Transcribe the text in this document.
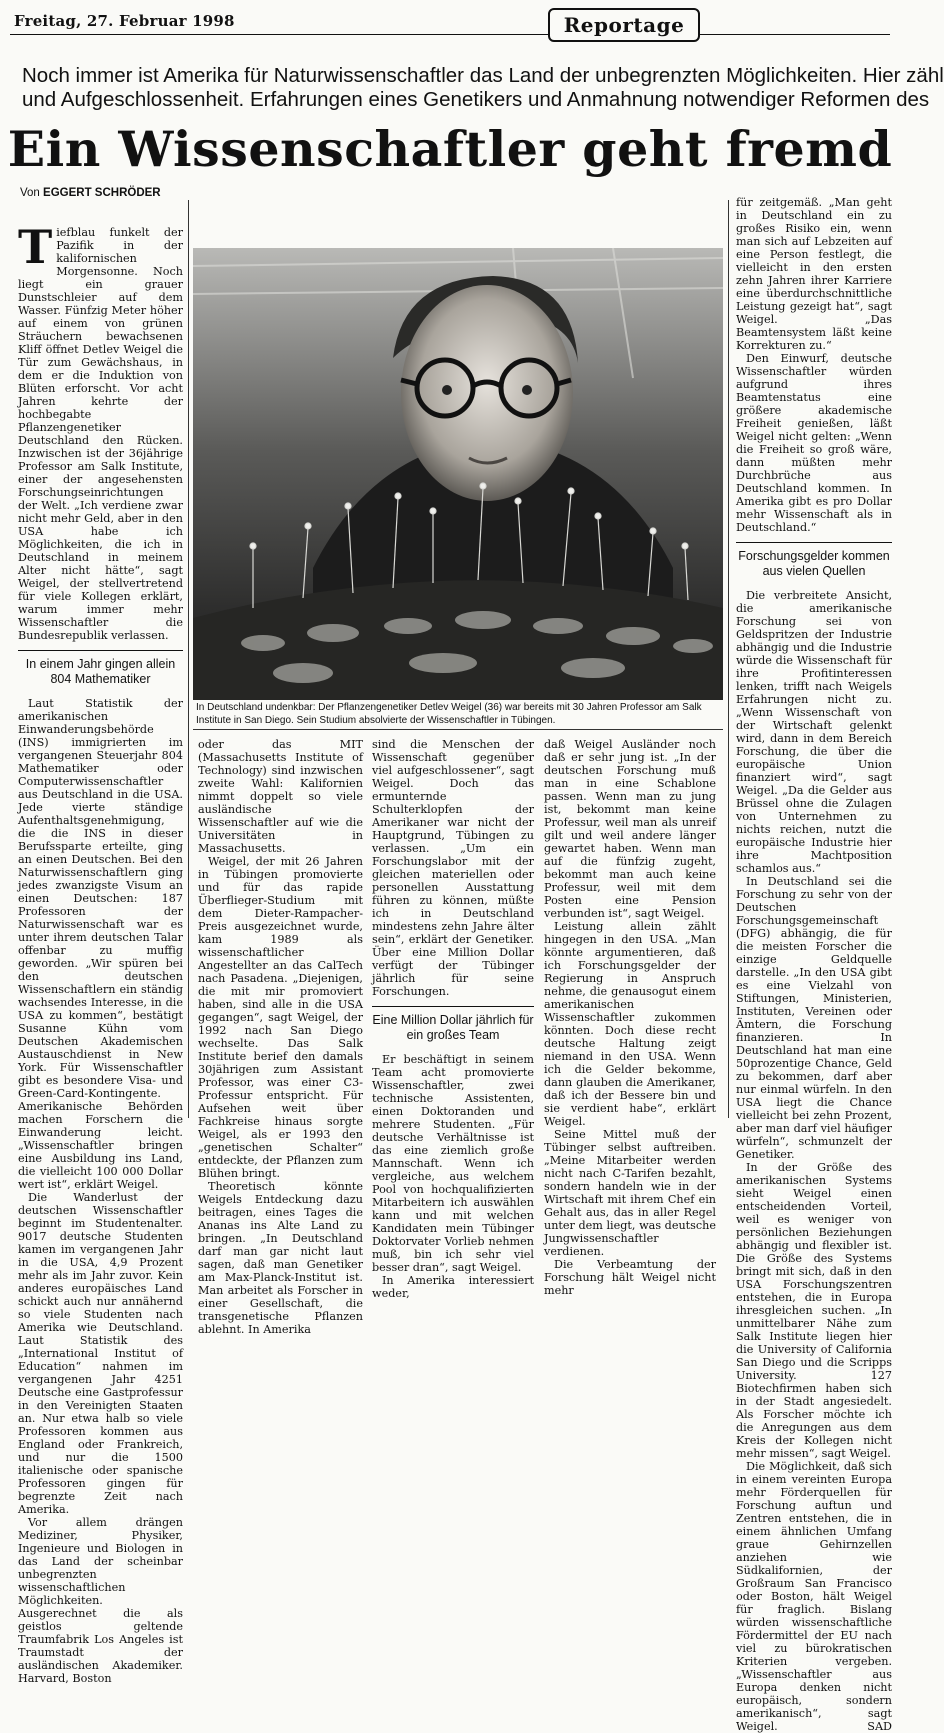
Freitag, 27. Februar 1998	Reportage
Noch immer ist Amerika für Naturwissenschaftler das Land der unbegrenzten Möglichkeiten. Hier zähl
und Aufgeschlossenheit. Erfahrungen eines Genetikers und Anmahnung notwendiger Reformen des
Ein Wissenschaftler geht fremd
Von EGGERT SCHRÖDER

Tiefblau funkelt der Pazifik in der kalifornischen Morgensonne. Noch liegt ein grauer Dunstschleier auf dem Wasser. Fünfzig Meter höher auf einem von grünen Sträuchern bewachsenen Kliff öffnet Detlev Weigel die Tür zum Gewächshaus, in dem er die Induktion von Blüten erforscht. Vor acht Jahren kehrte der hochbegabte Pflanzengenetiker Deutschland den Rücken. Inzwischen ist der 36jährige Professor am Salk Institute, einer der angesehensten Forschungseinrichtungen der Welt. „Ich verdiene zwar nicht mehr Geld, aber in den USA habe ich Möglichkeiten, die ich in Deutschland in meinem Alter nicht hätte“, sagt Weigel, der stellvertretend für viele Kollegen erklärt, warum immer mehr Wissenschaftler die Bundesrepublik verlassen.

In einem Jahr gingen allein 804 Mathematiker

Laut Statistik der amerikanischen Einwanderungsbehörde (INS) immigrierten im vergangenen Steuerjahr 804 Mathematiker oder Computerwissenschaftler aus Deutschland in die USA. Jede vierte ständige Aufenthaltsgenehmigung, die die INS in dieser Berufssparte erteilte, ging an einen Deutschen. Bei den Naturwissenschaftlern ging jedes zwanzigste Visum an einen Deutschen: 187 Professoren der Naturwissenschaft war es unter ihrem deutschen Talar offenbar zu muffig geworden. „Wir spüren bei den deutschen Wissenschaftlern ein ständig wachsendes Interesse, in die USA zu kommen“, bestätigt Susanne Kühn vom Deutschen Akademischen Austauschdienst in New York. Für Wissenschaftler gibt es besondere Visa- und Green-Card-Kontingente. Amerikanische Behörden machen Forschern die Einwanderung leicht. „Wissenschaftler bringen eine Ausbildung ins Land, die vielleicht 100 000 Dollar wert ist“, erklärt Weigel.

Die Wanderlust der deutschen Wissenschaftler beginnt im Studentenalter. 9017 deutsche Studenten kamen im vergangenen Jahr in die USA, 4,9 Prozent mehr als im Jahr zuvor. Kein anderes europäisches Land schickt auch nur annähernd so viele Studenten nach Amerika wie Deutschland. Laut Statistik des „International Institut of Education“ nahmen im vergangenen Jahr 4251 Deutsche eine Gastprofessur in den Vereinigten Staaten an. Nur etwa halb so viele Professoren kommen aus England oder Frankreich, und nur die 1500 italienische oder spanische Professoren gingen für begrenzte Zeit nach Amerika.

Vor allem drängen Mediziner, Physiker, Ingenieure und Biologen in das Land der scheinbar unbegrenzten wissenschaftlichen Möglichkeiten. Ausgerechnet die als geistlos geltende Traumfabrik Los Angeles ist Traumstadt der ausländischen Akademiker. Harvard, Boston

In Deutschland undenkbar: Der Pflanzengenetiker Detlev Weigel (36) war bereits mit 30 Jahren Professor am Salk Institute in San Diego. Sein Studium absolvierte der Wissenschaftler in Tübingen.

oder das MIT (Massachusetts Institute of Technology) sind inzwischen zweite Wahl: Kalifornien nimmt doppelt so viele ausländische Wissenschaftler auf wie die Universitäten in Massachusetts.

Weigel, der mit 26 Jahren in Tübingen promovierte und für das rapide Überflieger-Studium mit dem Dieter-Rampacher-Preis ausgezeichnet wurde, kam 1989 als wissenschaftlicher Angestellter an das CalTech nach Pasadena. „Diejenigen, die mit mir promoviert haben, sind alle in die USA gegangen“, sagt Weigel, der 1992 nach San Diego wechselte. Das Salk Institute berief den damals 30jährigen zum Assistant Professor, was einer C3-Professur entspricht. Für Aufsehen weit über Fachkreise hinaus sorgte Weigel, als er 1993 den „genetischen Schalter“ entdeckte, der Pflanzen zum Blühen bringt.

Theoretisch könnte Weigels Entdeckung dazu beitragen, eines Tages die Ananas ins Alte Land zu bringen. „In Deutschland darf man gar nicht laut sagen, daß man Genetiker am Max-Planck-Institut ist. Man arbeitet als Forscher in einer Gesellschaft, die transgenetische Pflanzen ablehnt. In Amerika

sind die Menschen der Wissenschaft gegenüber viel aufgeschlossener“, sagt Weigel. Doch das ermunternde Schulterklopfen der Amerikaner war nicht der Hauptgrund, Tübingen zu verlassen. „Um ein Forschungslabor mit der gleichen materiellen oder personellen Ausstattung führen zu können, müßte ich in Deutschland mindestens zehn Jahre älter sein“, erklärt der Genetiker. Über eine Million Dollar verfügt der Tübinger jährlich für seine Forschungen.

Eine Million Dollar jährlich für ein großes Team

Er beschäftigt in seinem Team acht promovierte Wissenschaftler, zwei technische Assistenten, einen Doktoranden und mehrere Studenten. „Für deutsche Verhältnisse ist das eine ziemlich große Mannschaft. Wenn ich vergleiche, aus welchem Pool von hochqualifizierten Mitarbeitern ich auswählen kann und mit welchen Kandidaten mein Tübinger Doktorvater Vorlieb nehmen muß, bin ich sehr viel besser dran“, sagt Weigel.

In Amerika interessiert weder,

daß Weigel Ausländer noch daß er sehr jung ist. „In der deutschen Forschung muß man in eine Schablone passen. Wenn man zu jung ist, bekommt man keine Professur, weil man als unreif gilt und weil andere länger gewartet haben. Wenn man auf die fünfzig zugeht, bekommt man auch keine Professur, weil mit dem Posten eine Pension verbunden ist“, sagt Weigel.

Leistung allein zählt hingegen in den USA. „Man könnte argumentieren, daß ich Forschungsgelder der Regierung in Anspruch nehme, die genausogut einem amerikanischen Wissenschaftler zukommen könnten. Doch diese recht deutsche Haltung zeigt niemand in den USA. Wenn ich die Gelder bekomme, dann glauben die Amerikaner, daß ich der Bessere bin und sie verdient habe“, erklärt Weigel.

Seine Mittel muß der Tübinger selbst auftreiben. „Meine Mitarbeiter werden nicht nach C-Tarifen bezahlt, sondern handeln wie in der Wirtschaft mit ihrem Chef ein Gehalt aus, das in aller Regel unter dem liegt, was deutsche Jungwissenschaftler verdienen.

Die Verbeamtung der Forschung hält Weigel nicht mehr

für zeitgemäß. „Man geht in Deutschland ein zu großes Risiko ein, wenn man sich auf Lebzeiten auf eine Person festlegt, die vielleicht in den ersten zehn Jahren ihrer Karriere eine überdurchschnittliche Leistung gezeigt hat“, sagt Weigel. „Das Beamtensystem läßt keine Korrekturen zu.“

Den Einwurf, deutsche Wissenschaftler würden aufgrund ihres Beamtenstatus eine größere akademische Freiheit genießen, läßt Weigel nicht gelten: „Wenn die Freiheit so groß wäre, dann müßten mehr Durchbrüche aus Deutschland kommen. In Amerika gibt es pro Dollar mehr Wissenschaft als in Deutschland.“

Forschungsgelder kommen aus vielen Quellen

Die verbreitete Ansicht, die amerikanische Forschung sei von Geldspritzen der Industrie abhängig und die Industrie würde die Wissenschaft für ihre Profitinteressen lenken, trifft nach Weigels Erfahrungen nicht zu. „Wenn Wissenschaft von der Wirtschaft gelenkt wird, dann in dem Bereich Forschung, die über die europäische Union finanziert wird“, sagt Weigel. „Da die Gelder aus Brüssel ohne die Zulagen von Unternehmen zu nichts reichen, nutzt die europäische Industrie hier ihre Machtposition schamlos aus.“

In Deutschland sei die Forschung zu sehr von der Deutschen Forschungsgemeinschaft (DFG) abhängig, die für die meisten Forscher die einzige Geldquelle darstelle. „In den USA gibt es eine Vielzahl von Stiftungen, Ministerien, Instituten, Vereinen oder Ämtern, die Forschung finanzieren. In Deutschland hat man eine 50prozentige Chance, Geld zu bekommen, darf aber nur einmal würfeln. In den USA liegt die Chance vielleicht bei zehn Prozent, aber man darf viel häufiger würfeln“, schmunzelt der Genetiker.

In der Größe des amerikanischen Systems sieht Weigel einen entscheidenden Vorteil, weil es weniger von persönlichen Beziehungen abhängig und flexibler ist. Die Größe des Systems bringt mit sich, daß in den USA Forschungszentren entstehen, die in Europa ihresgleichen suchen. „In unmittelbarer Nähe zum Salk Institute liegen hier die University of California San Diego und die Scripps University. 127 Biotechfirmen haben sich in der Stadt angesiedelt. Als Forscher möchte ich die Anregungen aus dem Kreis der Kollegen nicht mehr missen“, sagt Weigel.

Die Möglichkeit, daß sich in einem vereinten Europa mehr Förderquellen für Forschung auftun und Zentren entstehen, die in einem ähnlichen Umfang graue Gehirnzellen anziehen wie Südkalifornien, der Großraum San Francisco oder Boston, hält Weigel für fraglich. Bislang würden wissenschaftliche Fördermittel der EU nach viel zu bürokratischen Kriterien vergeben. „Wissenschaftler aus Europa denken nicht europäisch, sondern amerikanisch“, sagt Weigel.	SAD
